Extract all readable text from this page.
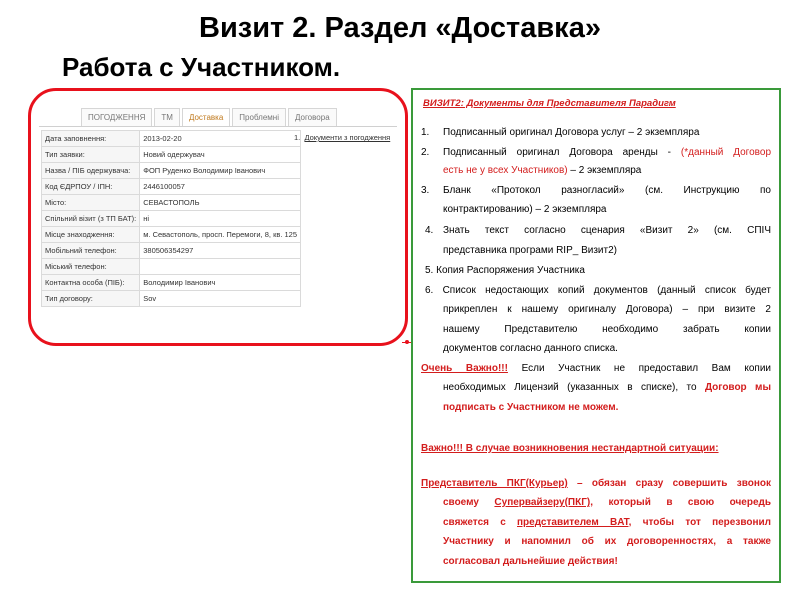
Визит 2. Раздел «Доставка»
Работа с Участником.
ПОГОДЖЕННЯ	ТМ	Доставка	Проблемні	Договора
Дата заповнення:	2013-02-20
Тип заявки:	Новий одержувач
Назва / ПІБ одержувача:	ФОП Руденко Володимир Іванович
Код ЄДРПОУ / ІПН:	2446100057
Місто:	СЕВАСТОПОЛЬ
Спільний візит (з ТП БАТ):	ні
Місце знаходження:	м. Севастополь, просп. Перемоги, 8, кв. 125
Мобільний телефон:	380506354297
Міський телефон:	
Контактна особа (ПІБ):	Володимир Іванович
Тип договору:	Sov
1. Документи з погодження
ВИЗИТ2: Документы для Представителя Парадигм
1. Подписанный оригинал Договора услуг – 2 экземпляра
2. Подписанный оригинал Договора аренды - (*данный Договор
есть не у всех Участников) – 2 экземпляра
3. Бланк «Протокол разногласий» (см. Инструкцию по
контрактированию) – 2 экземпляра
4. Знать текст согласно сценария «Визит 2» (см. СПІЧ
представника програми RIP_ Визит2)
5. Копия Распоряжения Участника
6. Список недостающих копий документов (данный список будет
прикреплен к нашему оригиналу Договора) – при визите 2
нашему Представителю необходимо забрать копии
документов согласно данного списка.
Очень Важно!!! Если Участник не предоставил Вам копии
необходимых Лицензий (указанных в списке), то Договор мы
подписать с Участником не можем.
Важно!!! В случае возникновения нестандартной ситуации:
Представитель ПКГ(Курьер) – обязан сразу совершить звонок
своему Супервайзеру(ПКГ), который в свою очередь
свяжется с представителем BAT, чтобы тот перезвонил
Участнику и напомнил об их договоренностях, а также
согласовал дальнейшие действия!
